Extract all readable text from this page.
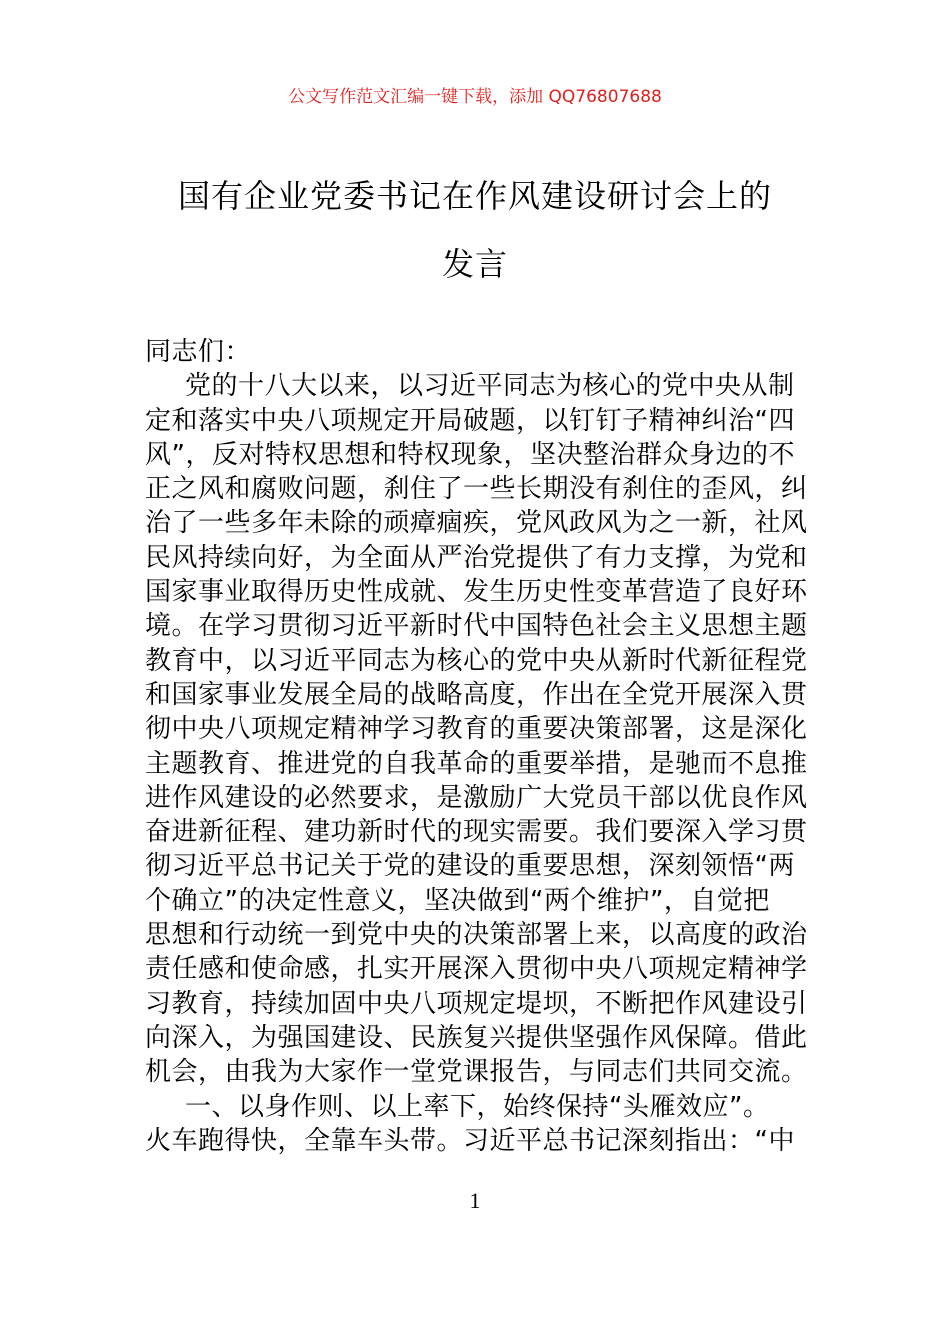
公文写作范文汇编一键下载，添加 QQ76807688
国有企业党委书记在作风建设研讨会上的
发言
同志们：
党的十八大以来，以习近平同志为核心的党中央从制
定和落实中央八项规定开局破题，以钉钉子精神纠治“四
风”，反对特权思想和特权现象，坚决整治群众身边的不
正之风和腐败问题，刹住了一些长期没有刹住的歪风，纠
治了一些多年未除的顽瘴痼疾，党风政风为之一新，社风
民风持续向好，为全面从严治党提供了有力支撑，为党和
国家事业取得历史性成就、发生历史性变革营造了良好环
境。在学习贯彻习近平新时代中国特色社会主义思想主题
教育中，以习近平同志为核心的党中央从新时代新征程党
和国家事业发展全局的战略高度，作出在全党开展深入贯
彻中央八项规定精神学习教育的重要决策部署，这是深化
主题教育、推进党的自我革命的重要举措，是驰而不息推
进作风建设的必然要求，是激励广大党员干部以优良作风
奋进新征程、建功新时代的现实需要。我们要深入学习贯
彻习近平总书记关于党的建设的重要思想，深刻领悟“两
个确立”的决定性意义，坚决做到“两个维护”，自觉把
思想和行动统一到党中央的决策部署上来，以高度的政治
责任感和使命感，扎实开展深入贯彻中央八项规定精神学
习教育，持续加固中央八项规定堤坝，不断把作风建设引
向深入，为强国建设、民族复兴提供坚强作风保障。借此
机会，由我为大家作一堂党课报告，与同志们共同交流。
一、以身作则、以上率下，始终保持“头雁效应”。
火车跑得快，全靠车头带。习近平总书记深刻指出：“中
1
